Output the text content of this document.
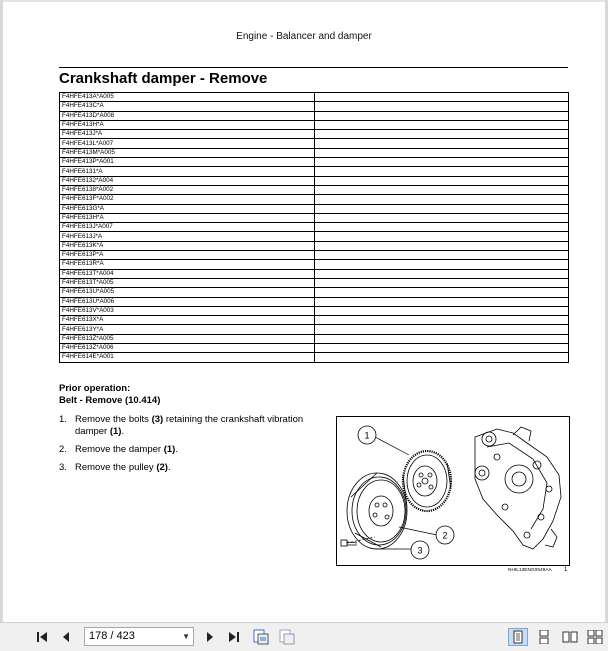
Engine - Balancer and damper
Crankshaft damper - Remove
F4HFE413A*A005	
F4HFE413C*A	
F4HFE413D*A008	
F4HFE413H*A	
F4HFE413J*A	
F4HFE413L*A007	
F4HFE413M*A005	
F4HFE413P*A001	
F4HFE6131*A	
F4HFE6132*A004	
F4HFE6138*A002	
F4HFE613F*A002	
F4HFE613G*A	
F4HFE613H*A	
F4HFE613J*A007	
F4HFE613J*A	
F4HFE613K*A	
F4HFE613P*A	
F4HFE613R*A	
F4HFE613T*A004	
F4HFE613T*A005	
F4HFE613U*A005	
F4HFE613U*A006	
F4HFE613V*A003	
F4HFE613X*A	
F4HFE613Y*A	
F4HFE613Z*A005	
F4HFE613Z*A006	
F4HFE614E*A001	
Prior operation:
Belt - Remove (10.414)
1. Remove the bolts (3) retaining the crankshaft vibration damper (1).
2. Remove the damper (1).
3. Remove the pulley (2).
1
2
3
NHIL13ENG0549AA 1
178 / 423	▼
